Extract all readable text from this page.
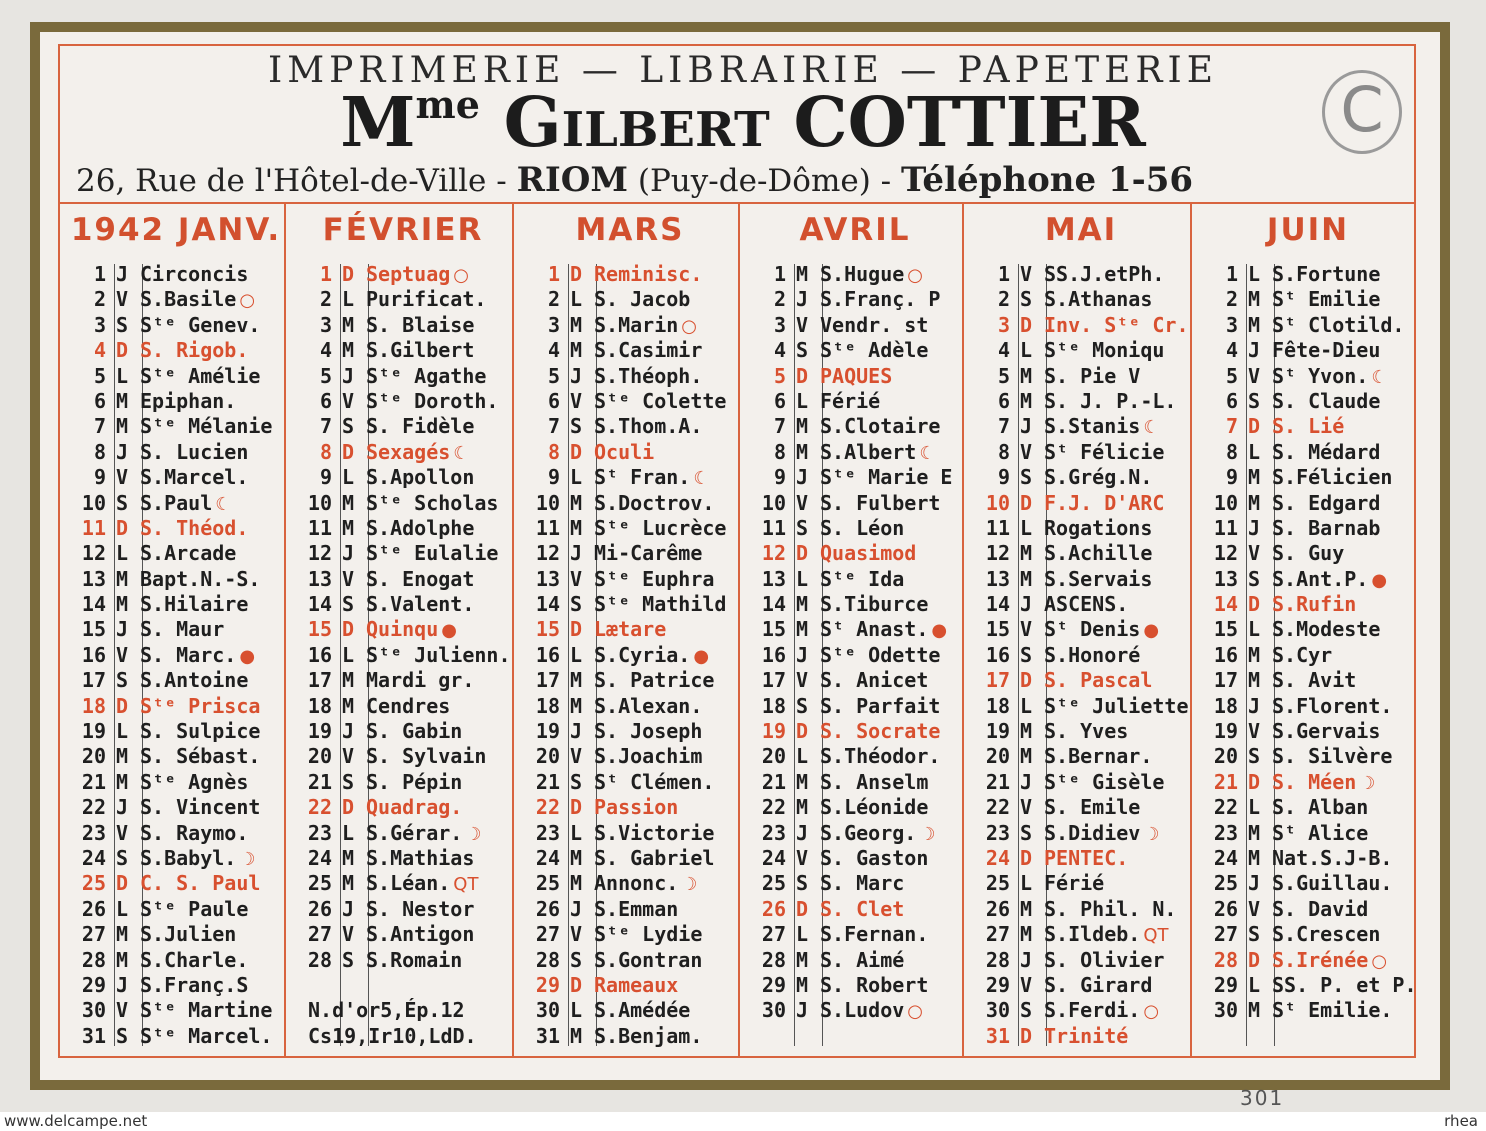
IMPRIMERIE — LIBRAIRIE — PAPETERIE
$M^{me}$ Gilbert COTTIER
26, Rue de l'Hôtel-de-Ville - RIOM (Puy-de-Dôme) - Téléphone 1-56
C
1942 JANV.
1 J Circoncis
2 V S.Basile ○
3 S Sᵗᵉ Genev.
4 D S. Rigob.
5 L Sᵗᵉ Amélie
6 M Epiphan.
7 M Sᵗᵉ Mélanie
8 J S. Lucien
9 V S.Marcel.
10 S S.Paul ☾
11 D S. Théod.
12 L S.Arcade
13 M Bapt.N.-S.
14 M S.Hilaire
15 J S. Maur
16 V S. Marc. ●
17 S S.Antoine
18 D Sᵗᵉ Prisca
19 L S. Sulpice
20 M S. Sébast.
21 M Sᵗᵉ Agnès
22 J S. Vincent
23 V S. Raymo.
24 S S.Babyl. ☽
25 D C. S. Paul
26 L Sᵗᵉ Paule
27 M S.Julien
28 M S.Charle.
29 J S.Franç.S
30 V Sᵗᵉ Martine
31 S Sᵗᵉ Marcel.
FÉVRIER
1 D Septuag ○
2 L Purificat.
3 M S. Blaise
4 M S.Gilbert
5 J Sᵗᵉ Agathe
6 V Sᵗᵉ Doroth.
7 S S. Fidèle
8 D Sexagés ☾
9 L S.Apollon
10 M Sᵗᵉ Scholas
11 M S.Adolphe
12 J Sᵗᵉ Eulalie
13 V S. Enogat
14 S S.Valent.
15 D Quinqu ●
16 L Sᵗᵉ Julienn.
17 M Mardi gr.
18 M Cendres
19 J S. Gabin
20 V S. Sylvain
21 S S. Pépin
22 D Quadrag.
23 L S.Gérar. ☽
24 M S.Mathias
25 M S.Léan. QT
26 J S. Nestor
27 V S.Antigon
28 S S.Romain
N.d'or5,Ép.12
Cs19,Ir10,LdD.
MARS
1 D Reminisc.
2 L S. Jacob
3 M S.Marin ○
4 M S.Casimir
5 J S.Théoph.
6 V Sᵗᵉ Colette
7 S S.Thom.A.
8 D Oculi
9 L Sᵗ Fran. ☾
10 M S.Doctrov.
11 M Sᵗᵉ Lucrèce
12 J Mi-Carême
13 V Sᵗᵉ Euphra
14 S Sᵗᵉ Mathild
15 D Lætare
16 L S.Cyria. ●
17 M S. Patrice
18 M S.Alexan.
19 J S. Joseph
20 V S.Joachim
21 S Sᵗ Clémen.
22 D Passion
23 L S.Victorie
24 M S. Gabriel
25 M Annonc. ☽
26 J S.Emman
27 V Sᵗᵉ Lydie
28 S S.Gontran
29 D Rameaux
30 L S.Amédée
31 M S.Benjam.
AVRIL
1 M S.Hugue ○
2 J S.Franç. P
3 V Vendr. st
4 S Sᵗᵉ Adèle
5 D PAQUES
6 L Férié
7 M S.Clotaire
8 M S.Albert ☾
9 J Sᵗᵉ Marie E
10 V S. Fulbert
11 S S. Léon
12 D Quasimod
13 L Sᵗᵉ Ida
14 M S.Tiburce
15 M Sᵗ Anast. ●
16 J Sᵗᵉ Odette
17 V S. Anicet
18 S S. Parfait
19 D S. Socrate
20 L S.Théodor.
21 M S. Anselm
22 M S.Léonide
23 J S.Georg. ☽
24 V S. Gaston
25 S S. Marc
26 D S. Clet
27 L S.Fernan.
28 M S. Aimé
29 M S. Robert
30 J S.Ludov ○
MAI
1 V SS.J.etPh.
2 S S.Athanas
3 D Inv. Sᵗᵉ Cr.
4 L Sᵗᵉ Moniqu
5 M S. Pie V
6 M S. J. P.-L.
7 J S.Stanis ☾
8 V Sᵗ Félicie
9 S S.Grég.N.
10 D F.J. D'ARC
11 L Rogations
12 M S.Achille
13 M S.Servais
14 J ASCENS.
15 V Sᵗ Denis ●
16 S S.Honoré
17 D S. Pascal
18 L Sᵗᵉ Juliette
19 M S. Yves
20 M S.Bernar.
21 J Sᵗᵉ Gisèle
22 V S. Emile
23 S S.Didiev ☽
24 D PENTEC.
25 L Férié
26 M S. Phil. N.
27 M S.Ildeb. QT
28 J S. Olivier
29 V S. Girard
30 S S.Ferdi. ○
31 D Trinité
JUIN
1 L S.Fortune
2 M Sᵗ Emilie
3 M Sᵗ Clotild.
4 J Fête-Dieu
5 V Sᵗ Yvon. ☾
6 S S. Claude
7 D S. Lié
8 L S. Médard
9 M S.Félicien
10 M S. Edgard
11 J S. Barnab
12 V S. Guy
13 S S.Ant.P. ●
14 D S.Rufin
15 L S.Modeste
16 M S.Cyr
17 M S. Avit
18 J S.Florent.
19 V S.Gervais
20 S S. Silvère
21 D S. Méen ☽
22 L S. Alban
23 M Sᵗ Alice
24 M Nat.S.J-B.
25 J S.Guillau.
26 V S. David
27 S S.Crescen
28 D S.Irénée ○
29 L SS. P. et P.
30 M Sᵗ Emilie.
301
www.delcampe.net	rhea
